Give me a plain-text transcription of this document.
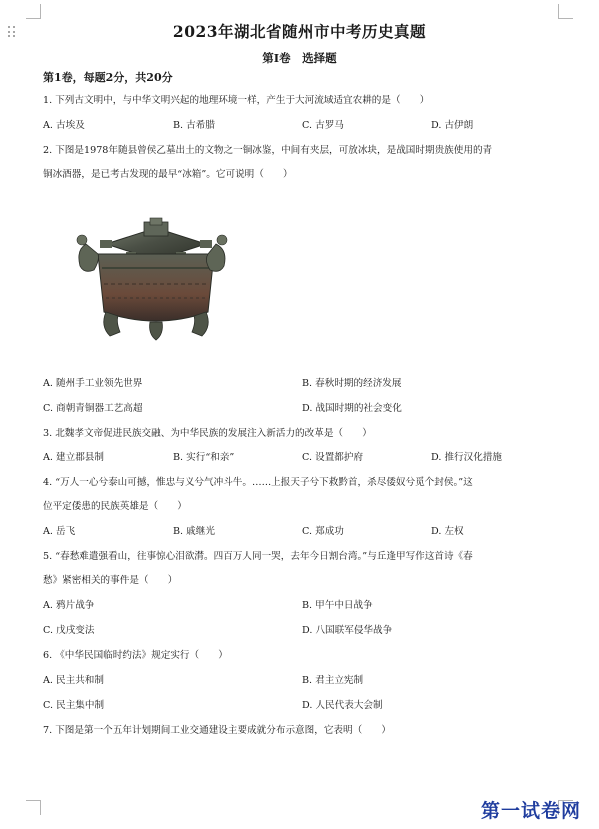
2023年湖北省随州市中考历史真题
第I卷　选择题
第1卷，每题2分，共20分
1. 下列古文明中，与中华文明兴起的地理环境一样，产生于大河流域适宜农耕的是（　　）
A. 古埃及	B. 古希腊	C. 古罗马	D. 古伊朗
2. 下图是1978年随县曾侯乙墓出土的文物之一铜冰鉴，中间有夹层，可放冰块，是战国时期贵族使用的青
铜冰酒器，是已考古发现的最早“冰箱”。它可说明（　　）
A. 随州手工业领先世界	B. 春秋时期的经济发展
C. 商朝青铜器工艺高超	D. 战国时期的社会变化
3. 北魏孝文帝促进民族交融、为中华民族的发展注入新活力的改革是（　　）
A. 建立郡县制	B. 实行“和亲”	C. 设置都护府	D. 推行汉化措施
4. “万人一心兮泰山可撼，惟忠与义兮气冲斗牛。……上报天子兮下救黔首，杀尽倭奴兮觅个封侯。”这
位平定倭患的民族英雄是（　　）
A. 岳飞	B. 戚继光	C. 郑成功	D. 左权
5. “春愁难遣强看山，往事惊心泪欲潸。四百万人同一哭，去年今日割台湾。”与丘逢甲写作这首诗《春
愁》紧密相关的事件是（　　）
A. 鸦片战争	B. 甲午中日战争
C. 戊戌变法	D. 八国联军侵华战争
6. 《中华民国临时约法》规定实行（　　）
A. 民主共和制	B. 君主立宪制
C. 民主集中制	D. 人民代表大会制
7. 下图是第一个五年计划期间工业交通建设主要成就分布示意图，它表明（　　）
第一试卷网
